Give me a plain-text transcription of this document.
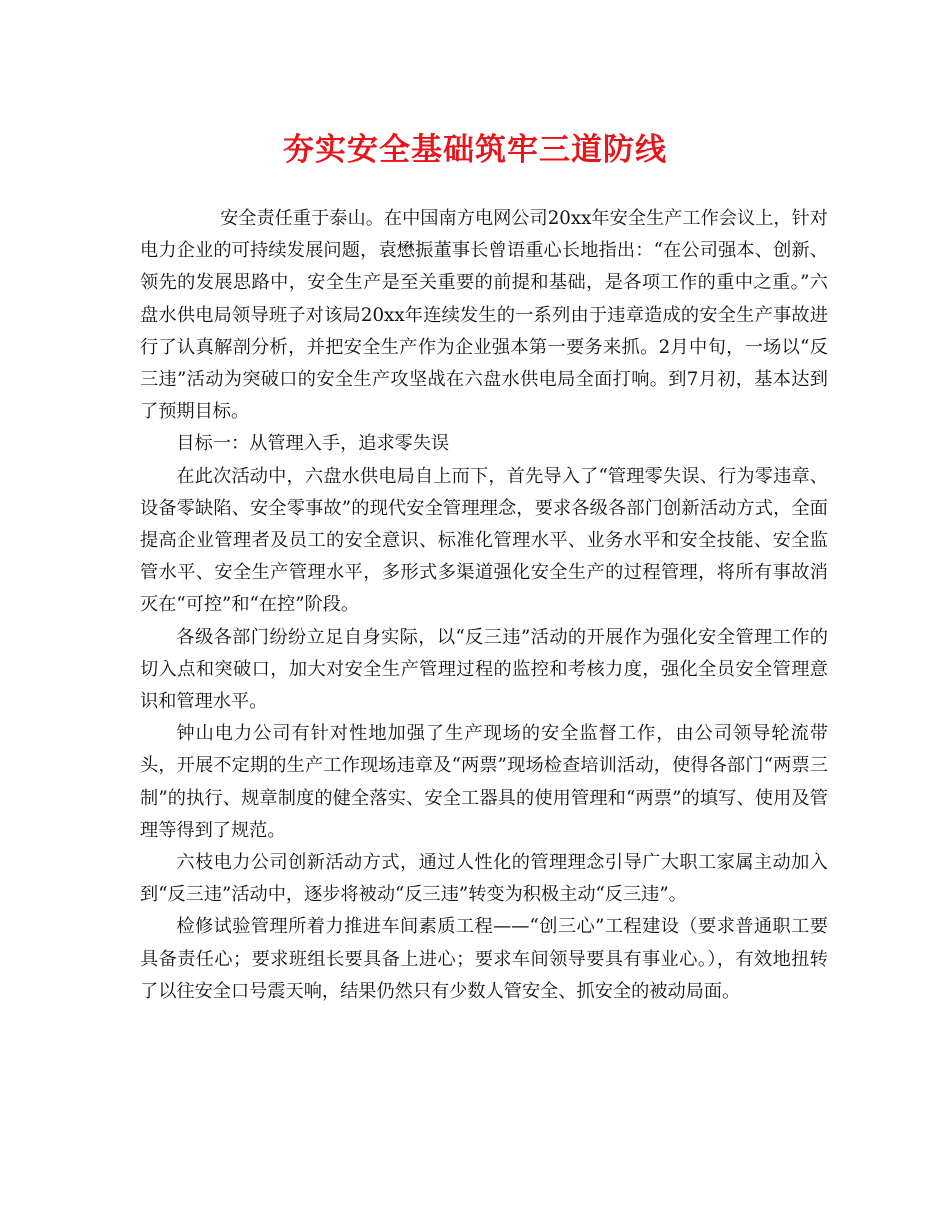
夯实安全基础筑牢三道防线

安全责任重于泰山。在中国南方电网公司20xx年安全生产工作会议上，针对电力企业的可持续发展问题，袁懋振董事长曾语重心长地指出：“在公司强本、创新、领先的发展思路中，安全生产是至关重要的前提和基础，是各项工作的重中之重。”六盘水供电局领导班子对该局20xx年连续发生的一系列由于违章造成的安全生产事故进行了认真解剖分析，并把安全生产作为企业强本第一要务来抓。2月中旬，一场以“反三违”活动为突破口的安全生产攻坚战在六盘水供电局全面打响。到7月初，基本达到了预期目标。

目标一：从管理入手，追求零失误

在此次活动中，六盘水供电局自上而下，首先导入了“管理零失误、行为零违章、设备零缺陷、安全零事故”的现代安全管理理念，要求各级各部门创新活动方式，全面提高企业管理者及员工的安全意识、标准化管理水平、业务水平和安全技能、安全监管水平、安全生产管理水平，多形式多渠道强化安全生产的过程管理，将所有事故消灭在“可控”和“在控”阶段。

各级各部门纷纷立足自身实际，以“反三违”活动的开展作为强化安全管理工作的切入点和突破口，加大对安全生产管理过程的监控和考核力度，强化全员安全管理意识和管理水平。

钟山电力公司有针对性地加强了生产现场的安全监督工作，由公司领导轮流带头，开展不定期的生产工作现场违章及“两票”现场检查培训活动，使得各部门“两票三制”的执行、规章制度的健全落实、安全工器具的使用管理和“两票”的填写、使用及管理等得到了规范。

六枝电力公司创新活动方式，通过人性化的管理理念引导广大职工家属主动加入到“反三违”活动中，逐步将被动“反三违”转变为积极主动“反三违”。

检修试验管理所着力推进车间素质工程——“创三心”工程建设（要求普通职工要具备责任心；要求班组长要具备上进心；要求车间领导要具有事业心。），有效地扭转了以往安全口号震天响，结果仍然只有少数人管安全、抓安全的被动局面。
